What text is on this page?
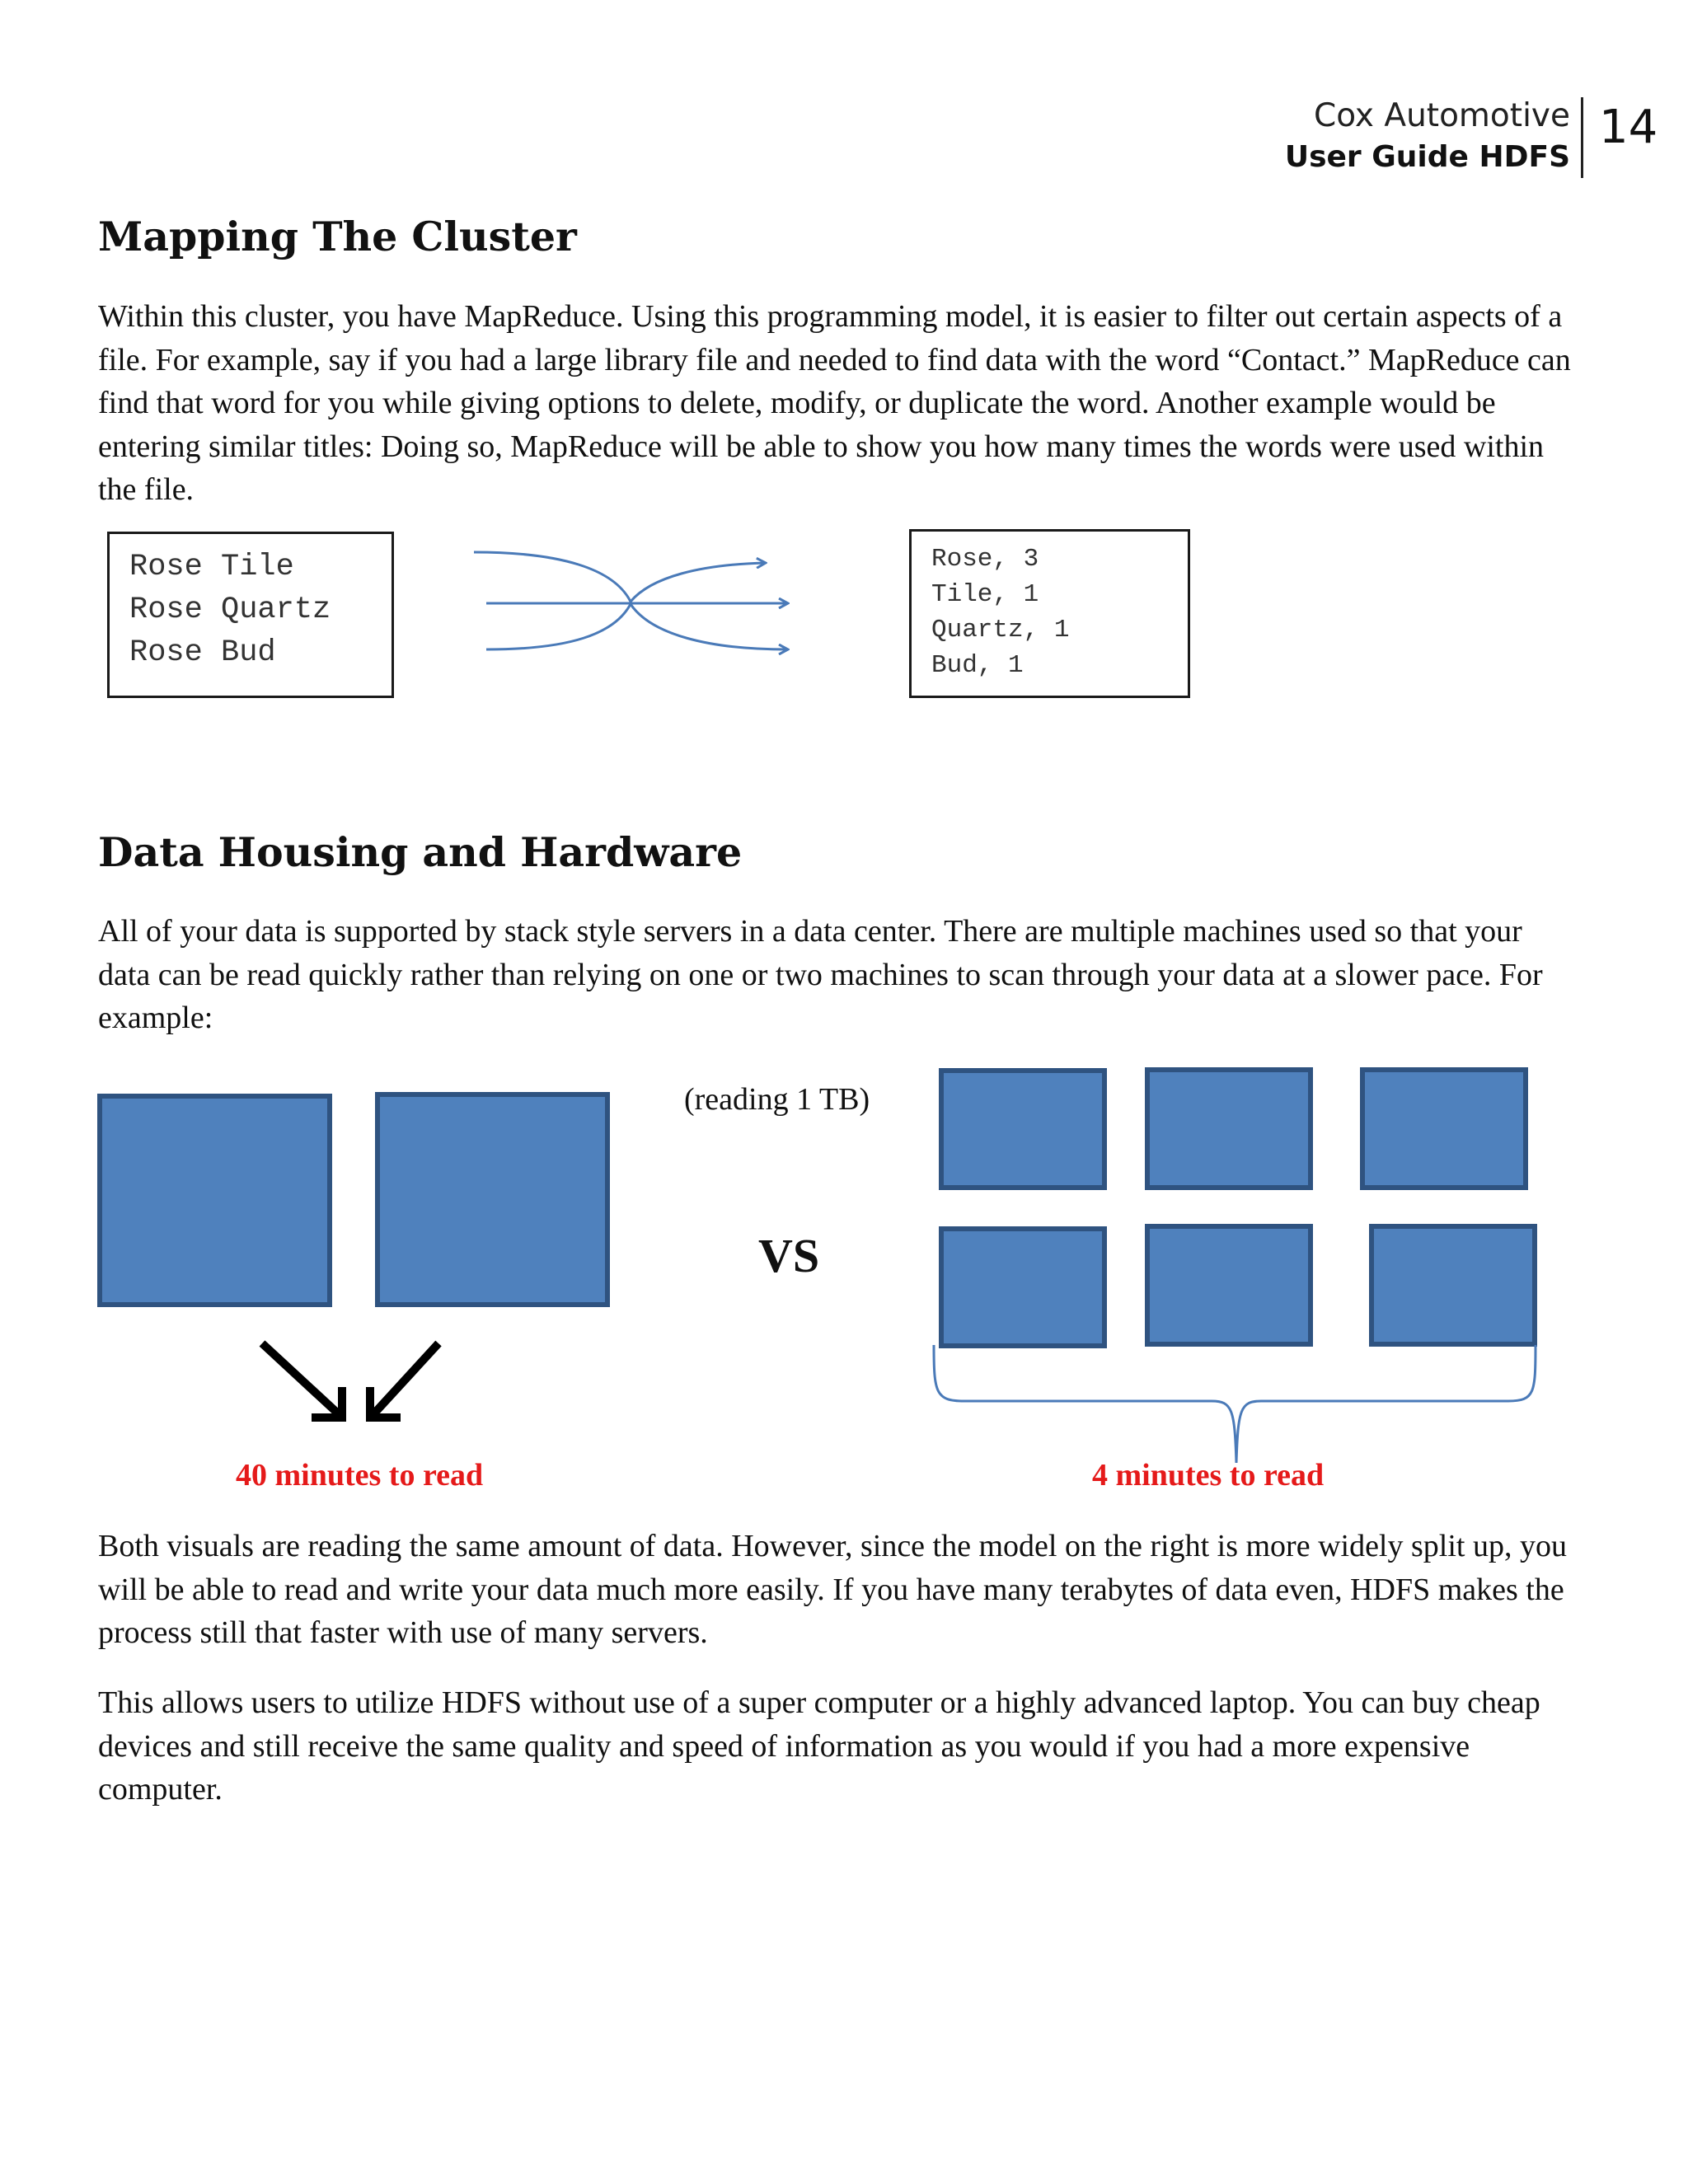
Cox Automotive
User Guide HDFS
14
Mapping The Cluster
Within this cluster, you have MapReduce. Using this programming model, it is easier to filter out certain aspects of a file. For example, say if you had a large library file and needed to find data with the word “Contact.” MapReduce can find that word for you while giving options to delete, modify, or duplicate the word. Another example would be entering similar titles: Doing so, MapReduce will be able to show you how many times the words were used within the file.
Rose Tile
Rose Quartz
Rose Bud
Rose, 3
Tile, 1
Quartz, 1
Bud, 1
(reading 1 TB)
VS
40 minutes to read	4 minutes to read
Data Housing and Hardware
All of your data is supported by stack style servers in a data center. There are multiple machines used so that your data can be read quickly rather than relying on one or two machines to scan through your data at a slower pace. For example:
Both visuals are reading the same amount of data. However, since the model on the right is more widely split up, you will be able to read and write your data much more easily. If you have many terabytes of data even, HDFS makes the process still that faster with use of many servers.
This allows users to utilize HDFS without use of a super computer or a highly advanced laptop. You can buy cheap devices and still receive the same quality and speed of information as you would if you had a more expensive computer.
